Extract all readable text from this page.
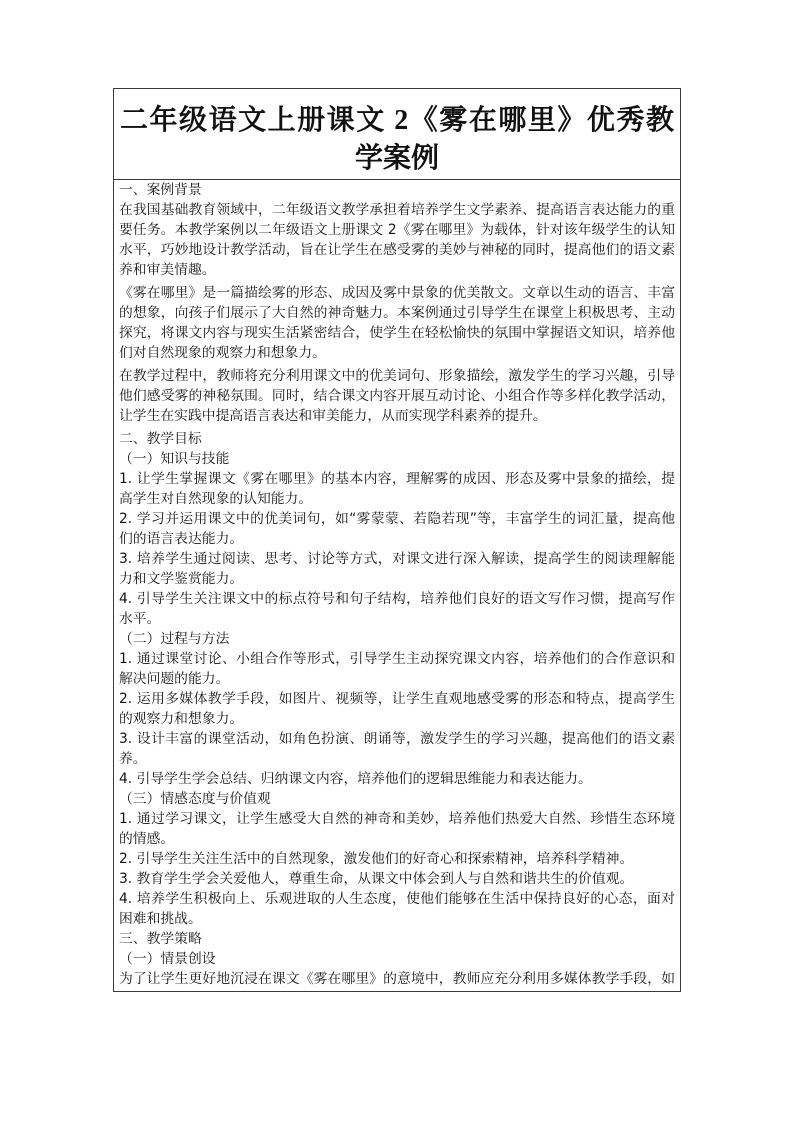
二年级语文上册课文 2《雾在哪里》优秀教
学案例
一、案例背景
在我国基础教育领域中，二年级语文教学承担着培养学生文学素养、提高语言表达能力的重
要任务。本教学案例以二年级语文上册课文 2《雾在哪里》为载体，针对该年级学生的认知
水平，巧妙地设计教学活动，旨在让学生在感受雾的美妙与神秘的同时，提高他们的语文素
养和审美情趣。
《雾在哪里》是一篇描绘雾的形态、成因及雾中景象的优美散文。文章以生动的语言、丰富
的想象，向孩子们展示了大自然的神奇魅力。本案例通过引导学生在课堂上积极思考、主动
探究，将课文内容与现实生活紧密结合，使学生在轻松愉快的氛围中掌握语文知识，培养他
们对自然现象的观察力和想象力。
在教学过程中，教师将充分利用课文中的优美词句、形象描绘，激发学生的学习兴趣，引导
他们感受雾的神秘氛围。同时，结合课文内容开展互动讨论、小组合作等多样化教学活动，
让学生在实践中提高语言表达和审美能力，从而实现学科素养的提升。
二、教学目标
（一）知识与技能
1. 让学生掌握课文《雾在哪里》的基本内容，理解雾的成因、形态及雾中景象的描绘，提
高学生对自然现象的认知能力。
2. 学习并运用课文中的优美词句，如“雾蒙蒙、若隐若现”等，丰富学生的词汇量，提高他
们的语言表达能力。
3. 培养学生通过阅读、思考、讨论等方式，对课文进行深入解读，提高学生的阅读理解能
力和文学鉴赏能力。
4. 引导学生关注课文中的标点符号和句子结构，培养他们良好的语文写作习惯，提高写作
水平。
（二）过程与方法
1. 通过课堂讨论、小组合作等形式，引导学生主动探究课文内容，培养他们的合作意识和
解决问题的能力。
2. 运用多媒体教学手段，如图片、视频等，让学生直观地感受雾的形态和特点，提高学生
的观察力和想象力。
3. 设计丰富的课堂活动，如角色扮演、朗诵等，激发学生的学习兴趣，提高他们的语文素
养。
4. 引导学生学会总结、归纳课文内容，培养他们的逻辑思维能力和表达能力。
（三）情感态度与价值观
1. 通过学习课文，让学生感受大自然的神奇和美妙，培养他们热爱大自然、珍惜生态环境
的情感。
2. 引导学生关注生活中的自然现象，激发他们的好奇心和探索精神，培养科学精神。
3. 教育学生学会关爱他人，尊重生命，从课文中体会到人与自然和谐共生的价值观。
4. 培养学生积极向上、乐观进取的人生态度，使他们能够在生活中保持良好的心态，面对
困难和挑战。
三、教学策略
（一）情景创设
为了让学生更好地沉浸在课文《雾在哪里》的意境中，教师应充分利用多媒体教学手段，如
